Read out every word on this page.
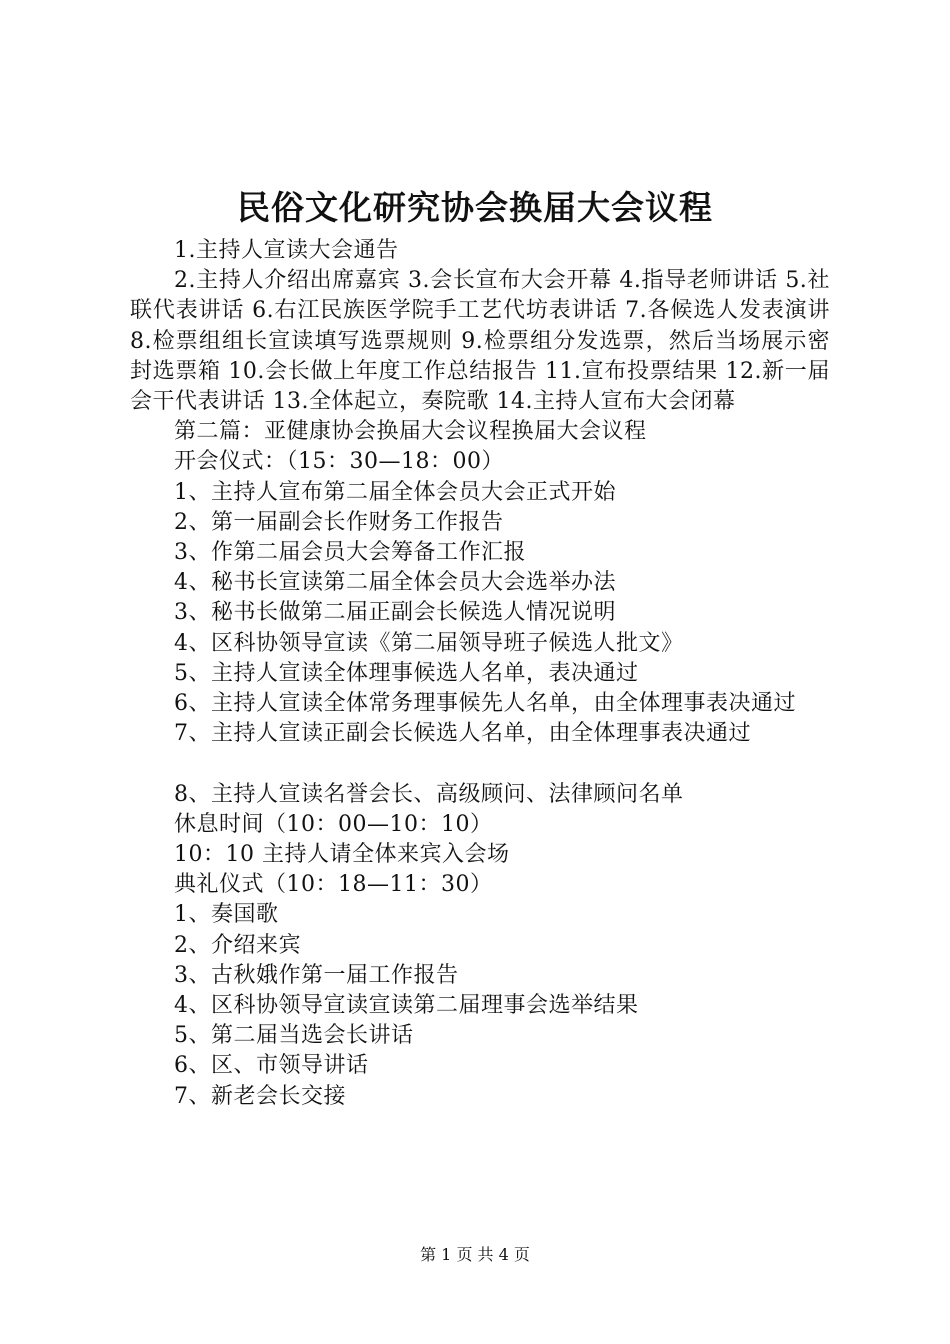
民俗文化研究协会换届大会议程

1.主持人宣读大会通告

2.主持人介绍出席嘉宾 3.会长宣布大会开幕 4.指导老师讲话 5.社联代表讲话 6.右江民族医学院手工艺代坊表讲话 7.各候选人发表演讲 8.检票组组长宣读填写选票规则 9.检票组分发选票，然后当场展示密封选票箱 10.会长做上年度工作总结报告 11.宣布投票结果 12.新一届会干代表讲话 13.全体起立，奏院歌 14.主持人宣布大会闭幕

第二篇：亚健康协会换届大会议程换届大会议程

开会仪式：（15：30—18：00）

1、主持人宣布第二届全体会员大会正式开始

2、第一届副会长作财务工作报告

3、作第二届会员大会筹备工作汇报

4、秘书长宣读第二届全体会员大会选举办法

3、秘书长做第二届正副会长候选人情况说明

4、区科协领导宣读《第二届领导班子候选人批文》

5、主持人宣读全体理事候选人名单，表决通过

6、主持人宣读全体常务理事候先人名单，由全体理事表决通过

7、主持人宣读正副会长候选人名单，由全体理事表决通过

8、主持人宣读名誉会长、高级顾问、法律顾问名单

休息时间（10：00—10：10）

10：10 主持人请全体来宾入会场

典礼仪式（10：18—11：30）

1、奏国歌

2、介绍来宾

3、古秋娥作第一届工作报告

4、区科协领导宣读宣读第二届理事会选举结果

5、第二届当选会长讲话

6、区、市领导讲话

7、新老会长交接

第 1 页 共 4 页
